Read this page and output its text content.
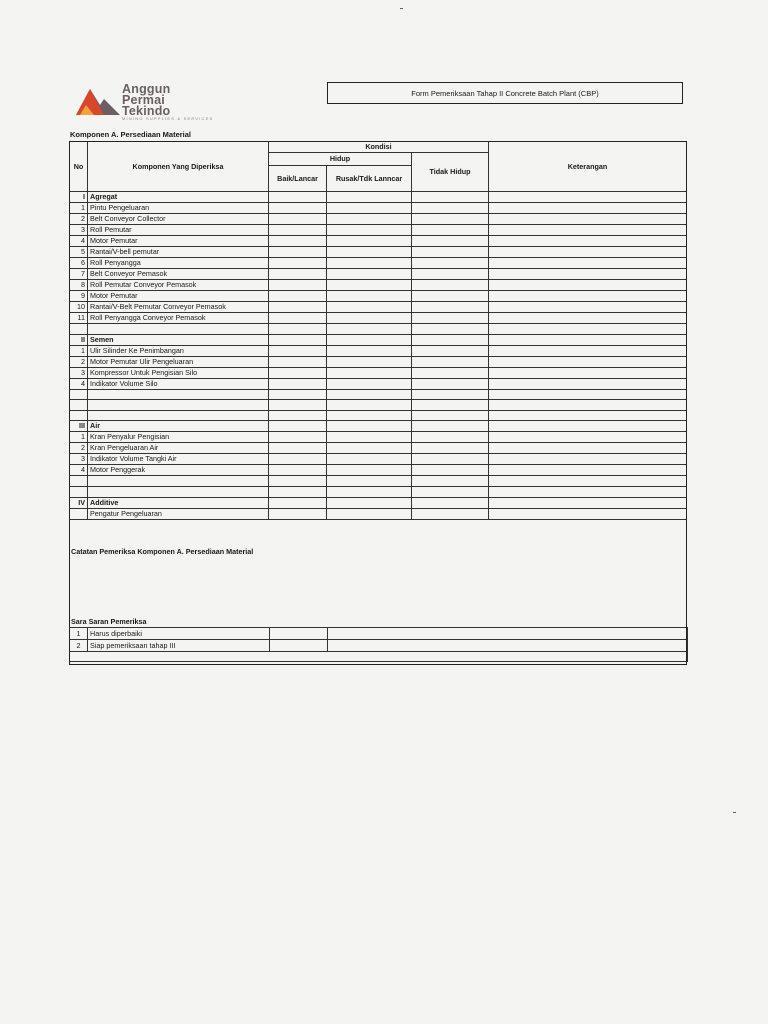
Anggun
Permai
Tekindo
MINING SUPPLIES & SERVICES
Form Pemeriksaan Tahap II Concrete Batch Plant (CBP)
Komponen A. Persediaan Material
No	Komponen Yang Diperiksa	Kondisi			Keterangan
		Hidup		Tidak Hidup	
		Baik/Lancar	Rusak/Tdk Lanncar		
I	Agregat				
1	Pintu Pengeluaran				
2	Belt Conveyor Collector				
3	Roll Pemutar				
4	Motor Pemutar				
5	Rantai/V-bell pemutar				
6	Roll Penyangga				
7	Belt Conveyor Pemasok				
8	Roll Pemutar Conveyor Pemasok				
9	Motor Pemutar				
10	Rantai/V-Belt Pemutar Conveyor Pemasok				
11	Roll Penyangga Conveyor Pemasok				

II	Semen				
1	Ulir Silinder Ke Penimbangan				
2	Motor Pemutar Ulir Pengeluaran				
3	Kompressor Untuk Pengisian Silo				
4	Indikator Volume Silo				

III	Air				
1	Kran Penyalur Pengisian				
2	Kran Pengeluaran Air				
3	Indikator Volume Tangki Air				
4	Motor Penggerak				

IV	Additive				
	Pengatur Pengeluaran				

Catatan Pemeriksa Komponen A. Persediaan Material
Sara Saran Pemeriksa
1	Harus diperbaiki		
2	Siap pemeriksaan tahap III		
